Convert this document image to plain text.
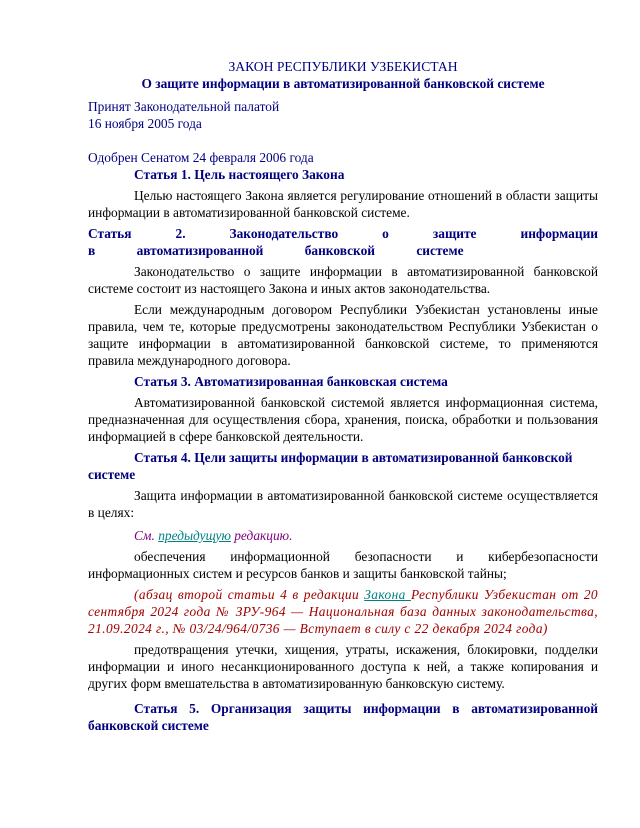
ЗАКОН РЕСПУБЛИКИ УЗБЕКИСТАН
О защите информации в автоматизированной банковской системе
Принят Законодательной палатой
16 ноября 2005 года
Одобрен Сенатом 24 февраля 2006 года
Статья 1. Цель настоящего Закона

Целью настоящего Закона является регулирование отношений в области защиты информации в автоматизированной банковской системе.

Статья 2. Законодательство о защите информации в автоматизированной банковской системе

Законодательство о защите информации в автоматизированной банковской системе состоит из настоящего Закона и иных актов законодательства.

Если международным договором Республики Узбекистан установлены иные правила, чем те, которые предусмотрены законодательством Республики Узбекистан о защите информации в автоматизированной банковской системе, то применяются правила международного договора.

Статья 3. Автоматизированная банковская система

Автоматизированной банковской системой является информационная система, предназначенная для осуществления сбора, хранения, поиска, обработки и пользования информацией в сфере банковской деятельности.

Статья 4. Цели защиты информации в автоматизированной банковской системе

Защита информации в автоматизированной банковской системе осуществляется в целях:

См. предыдущую редакцию.

обеспечения информационной безопасности и кибербезопасности информационных систем и ресурсов банков и защиты банковской тайны;

(абзац второй статьи 4 в редакции Закона Республики Узбекистан от 20 сентября 2024 года № ЗРУ-964 — Национальная база данных законодательства, 21.09.2024 г., № 03/24/964/0736 — Вступает в силу с 22 декабря 2024 года)

предотвращения утечки, хищения, утраты, искажения, блокировки, подделки информации и иного несанкционированного доступа к ней, а также копирования и других форм вмешательства в автоматизированную банковскую систему.

Статья 5. Организация защиты информации в автоматизированной банковской системе
